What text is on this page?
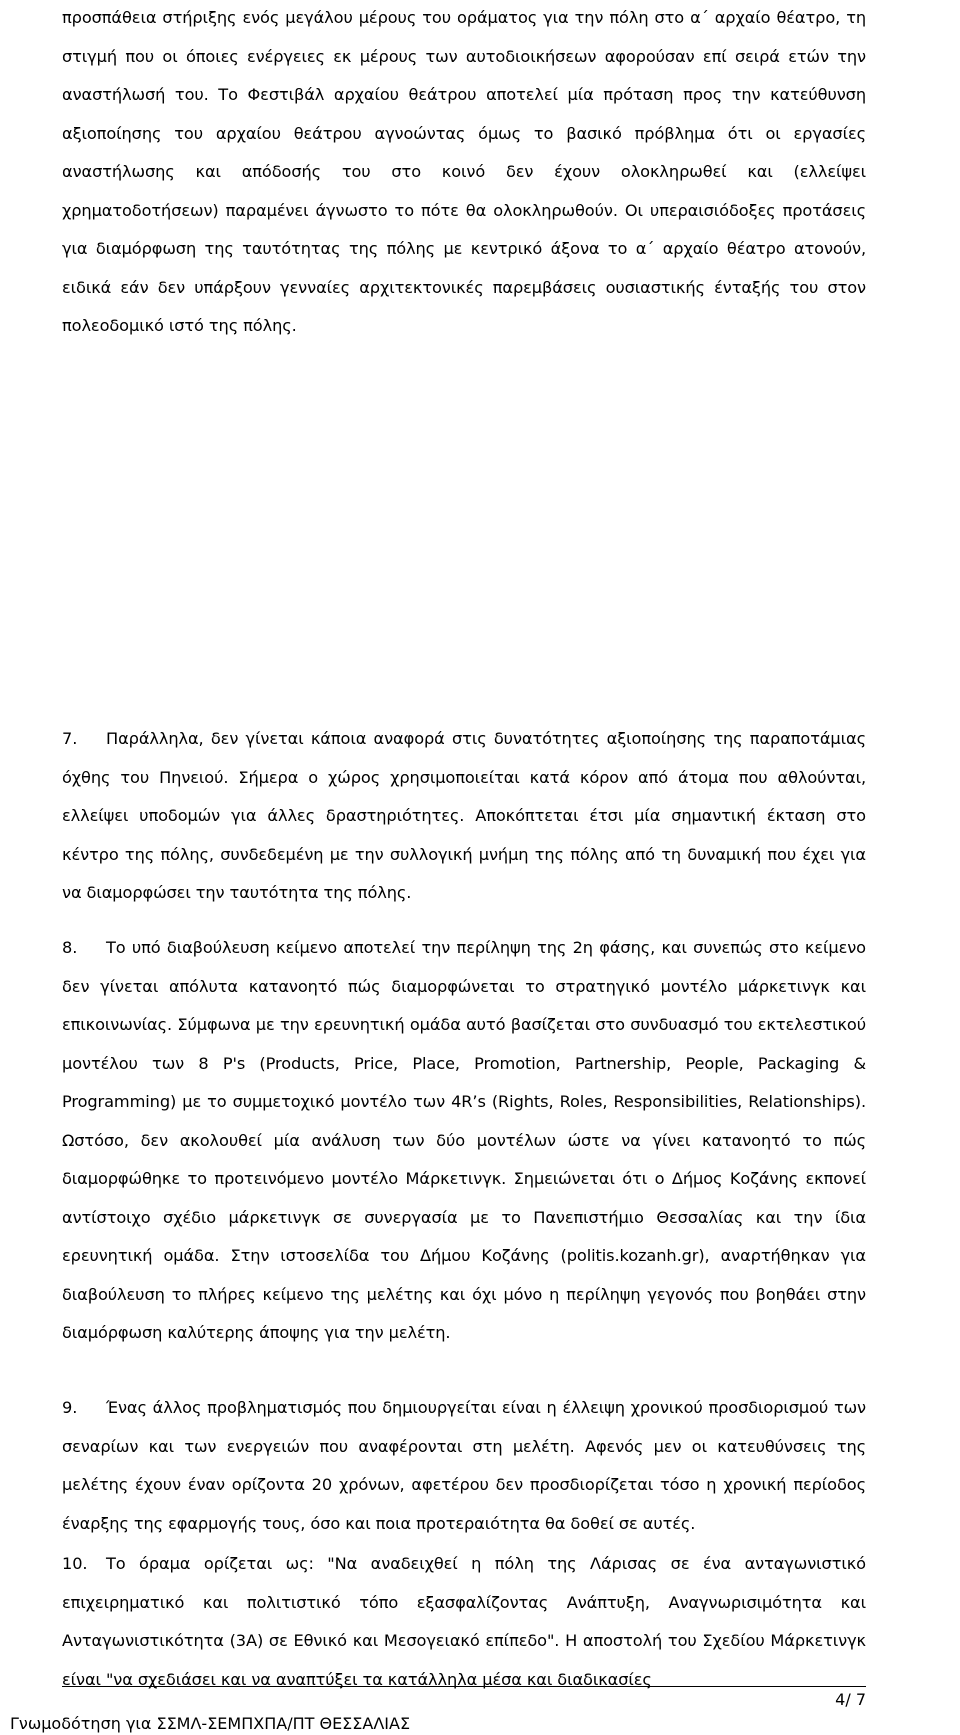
προσπάθεια στήριξης ενός μεγάλου μέρους του οράματος για την πόλη στο α΄ αρχαίο θέατρο, τη στιγμή που οι όποιες ενέργειες εκ μέρους των αυτοδιοικήσεων αφορούσαν επί σειρά ετών την αναστήλωσή του. Το Φεστιβάλ αρχαίου θεάτρου αποτελεί μία πρόταση προς την κατεύθυνση αξιοποίησης του αρχαίου θεάτρου αγνοώντας όμως το βασικό πρόβλημα ότι οι εργασίες αναστήλωσης και απόδοσής του στο κοινό δεν έχουν ολοκληρωθεί και (ελλείψει χρηματοδοτήσεων) παραμένει άγνωστο το πότε θα ολοκληρωθούν. Οι υπεραισιόδοξες προτάσεις για διαμόρφωση της ταυτότητας της πόλης με κεντρικό άξονα το α΄ αρχαίο θέατρο ατονούν, ειδικά εάν δεν υπάρξουν γενναίες αρχιτεκτονικές παρεμβάσεις ουσιαστικής ένταξής του στον πολεοδομικό ιστό της πόλης.

7. Παράλληλα, δεν γίνεται κάποια αναφορά στις δυνατότητες αξιοποίησης της παραποτάμιας όχθης του Πηνειού. Σήμερα ο χώρος χρησιμοποιείται κατά κόρον από άτομα που αθλούνται, ελλείψει υποδομών για άλλες δραστηριότητες. Αποκόπτεται έτσι μία σημαντική έκταση στο κέντρο της πόλης, συνδεδεμένη με την συλλογική μνήμη της πόλης από τη δυναμική που έχει για να διαμορφώσει την ταυτότητα της πόλης.

8. Το υπό διαβούλευση κείμενο αποτελεί την περίληψη της 2η φάσης, και συνεπώς στο κείμενο δεν γίνεται απόλυτα κατανοητό πώς διαμορφώνεται το στρατηγικό μοντέλο μάρκετινγκ και επικοινωνίας. Σύμφωνα με την ερευνητική ομάδα αυτό βασίζεται στο συνδυασμό του εκτελεστικού μοντέλου των 8 P's (Products, Price, Place, Promotion, Partnership, People, Packaging & Programming) με το συμμετοχικό μοντέλο των 4R’s (Rights, Roles, Responsibilities, Relationships). Ωστόσο, δεν ακολουθεί μία ανάλυση των δύο μοντέλων ώστε να γίνει κατανοητό το πώς διαμορφώθηκε το προτεινόμενο μοντέλο Μάρκετινγκ. Σημειώνεται ότι ο Δήμος Κοζάνης εκπονεί αντίστοιχο σχέδιο μάρκετινγκ σε συνεργασία με το Πανεπιστήμιο Θεσσαλίας και την ίδια ερευνητική ομάδα. Στην ιστοσελίδα του Δήμου Κοζάνης (politis.kozanh.gr), αναρτήθηκαν για διαβούλευση το πλήρες κείμενο της μελέτης και όχι μόνο η περίληψη γεγονός που βοηθάει στην διαμόρφωση καλύτερης άποψης για την μελέτη.

9. Ένας άλλος προβληματισμός που δημιουργείται είναι η έλλειψη χρονικού προσδιορισμού των σεναρίων και των ενεργειών που αναφέρονται στη μελέτη. Αφενός μεν οι κατευθύνσεις της μελέτης έχουν έναν ορίζοντα 20 χρόνων, αφετέρου δεν προσδιορίζεται τόσο η χρονική περίοδος έναρξης της εφαρμογής τους, όσο και ποια προτεραιότητα θα δοθεί σε αυτές.

10. Το όραμα ορίζεται ως: "Να αναδειχθεί η πόλη της Λάρισας σε ένα ανταγωνιστικό επιχειρηματικό και πολιτιστικό τόπο εξασφαλίζοντας Ανάπτυξη, Αναγνωρισιμότητα και Ανταγωνιστικότητα (3Α) σε Εθνικό και Μεσογειακό επίπεδο". Η αποστολή του Σχεδίου Μάρκετινγκ είναι "να σχεδιάσει και να αναπτύξει τα κατάλληλα μέσα και διαδικασίες

4/ 7
Γνωμοδότηση για ΣΣΜΛ-ΣΕΜΠΧΠΑ/ΠΤ ΘΕΣΣΑΛΙΑΣ
